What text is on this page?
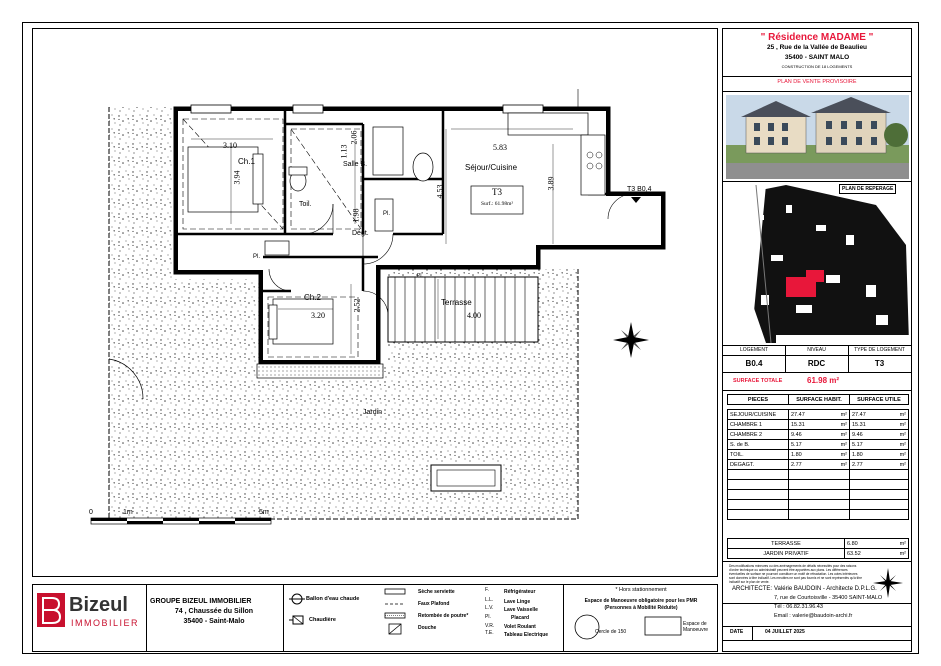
Ch.1
Ch.2
Salle B.
Toil.
Dégt.
Séjour/Cuisine
Terrasse
Jardin
Pl.
Pl.
Pl.
3.10
3.94
2.06
1.13
1.98
5.83
4.53
3.89
3.20
2.52
4.00
T3
Surf.: 61.98m²
T3 B0,4
0	1m	5m
" Résidence MADAME "
25 , Rue de la Vallée de Beaulieu
35400 - SAINT MALO
CONSTRUCTION DE 18 LOGEMENTS
PLAN DE VENTE PROVISOIRE
PLAN DE REPERAGE
LOGEMENT	NIVEAU	TYPE DE LOGEMENT
B0.4	RDC	T3
SURFACE TOTALE	61.98 m²
PIECES	SURFACE HABIT.	SURFACE UTILE

SEJOUR/CUISINE	27.47 m²	27.47 m²

CHAMBRE 1	15.31 m²	15.31 m²

CHAMBRE 2	9.46 m²	9.46 m²

S. de B.	5.17 m²	5.17 m²

TOIL.	1.80 m²	1.80 m²

DEGAGT.	2.77 m²	2.77 m²

TERRASSE	6.80 m²

JARDIN PRIVATIF	63.52 m²
Des modifications mineures ou des aménagements de détails nécessités pour des raisons d'ordre technique ou administratif peuvent être apportées aux plans. Les différences éventuelles de surface ne pourront constituer un motif de rétractation. Les cotes intérieures sont données à titre indicatif. Les meubles ne sont pas fournis et ne sont représentés qu'à titre indicatif sur le plan de vente.
ARCHITECTE: Valérie BAUDOIN - Architecte D.P.L.G.
7, rue de Courtoisville - 35400 SAINT-MALO
Tél : 06.82.31.96.43
Email : valerie@baudoin-archi.fr
DATE	04 JUILLET 2025
Bizeul
IMMOBILIER
GROUPE BIZEUL IMMOBILIER
74 , Chaussée du Sillon
35400 - Saint-Malo
Ballon d'eau chaude
Chaudière
Sèche serviette
Faux Plafond
Retombée de poutre*
Douche
F.
L.L.
L.V.
Pl.
V.R.
T.E.
Réfrigérateur
Lave Linge
Lave Vaisselle
Placard
Volet Roulant
Tableau Electrique
* Hors stationnement
Espace de Manoeuvre obligatoire pour les PMR
(Personnes à Mobilité Réduite)
Cercle de 150
Espace de Manoeuvre
